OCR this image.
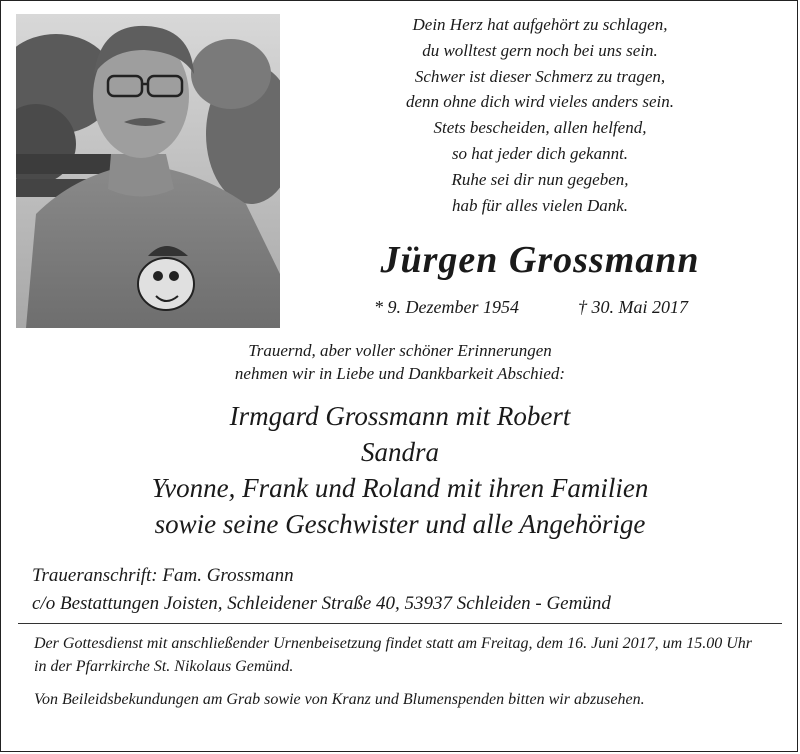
Dein Herz hat aufgehört zu schlagen,
du wolltest gern noch bei uns sein.
Schwer ist dieser Schmerz zu tragen,
denn ohne dich wird vieles anders sein.
Stets bescheiden, allen helfend,
so hat jeder dich gekannt.
Ruhe sei dir nun gegeben,
hab für alles vielen Dank.
Jürgen Grossmann
* 9. Dezember 1954	† 30. Mai 2017
Trauernd, aber voller schöner Erinnerungen
nehmen wir in Liebe und Dankbarkeit Abschied:
Irmgard Grossmann mit Robert
Sandra
Yvonne, Frank und Roland mit ihren Familien
sowie seine Geschwister und alle Angehörige
Traueranschrift: Fam. Grossmann
c/o Bestattungen Joisten, Schleidener Straße 40, 53937 Schleiden - Gemünd
Der Gottesdienst mit anschließender Urnenbeisetzung findet statt am Freitag, dem 16. Juni 2017, um 15.00 Uhr in der Pfarrkirche St. Nikolaus Gemünd.
Von Beileidsbekundungen am Grab sowie von Kranz und Blumenspenden bitten wir abzusehen.
